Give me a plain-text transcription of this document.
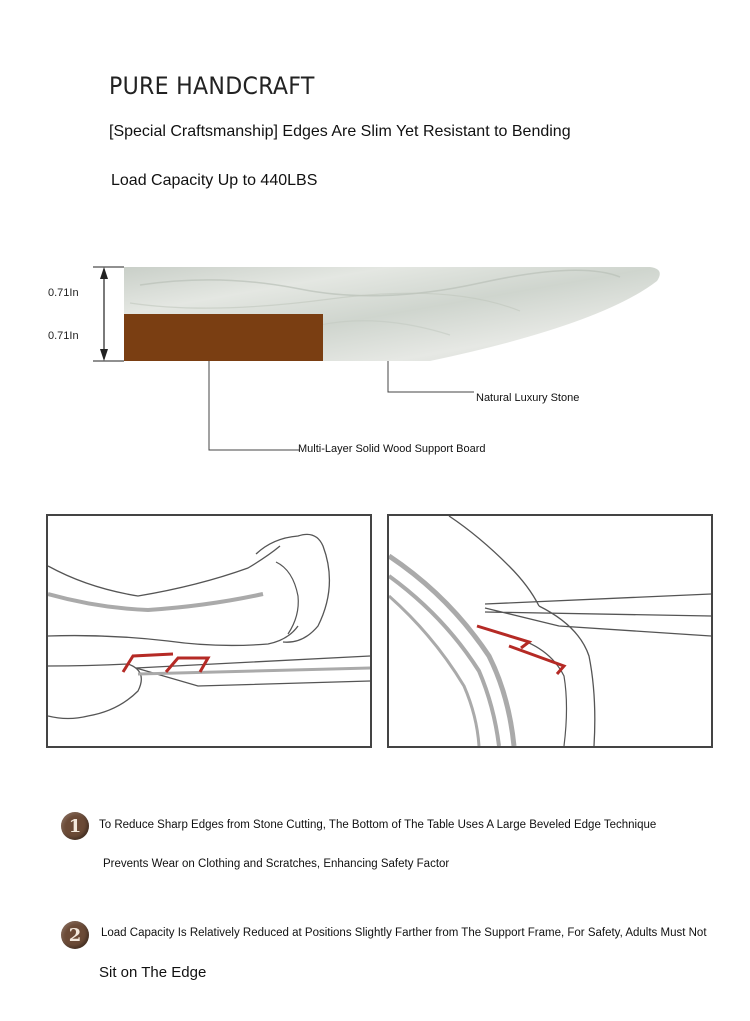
PURE HANDCRAFT
[Special Craftsmanship] Edges Are Slim Yet Resistant to Bending
Load Capacity Up to 440LBS
0.71In
0.71In
Natural Luxury Stone
Multi-Layer Solid Wood Support Board
1	To Reduce Sharp Edges from Stone Cutting, The Bottom of The Table Uses A Large Beveled Edge Technique
Prevents Wear on Clothing and Scratches, Enhancing Safety Factor
2	Load Capacity Is Relatively Reduced at Positions Slightly Farther from The Support Frame, For Safety, Adults Must Not
Sit on The Edge
